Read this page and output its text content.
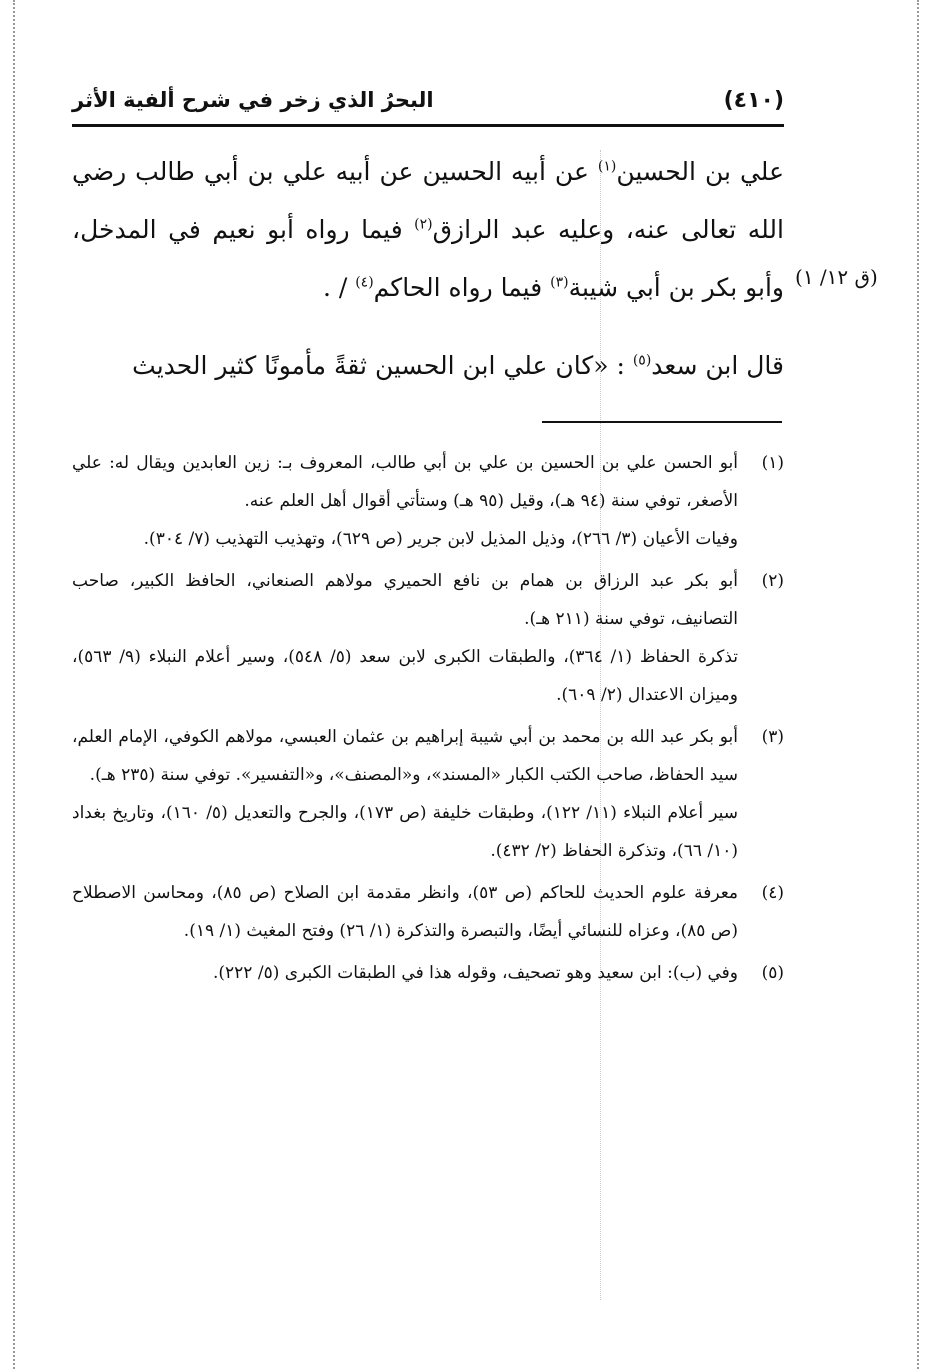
(٤١٠)
البحرُ الذي زخر في شرح ألفية الأثر

علي بن الحسين$^{(١)}$ عن أبيه الحسين عن أبيه علي بن أبي طالب رضي الله تعالى عنه، وعليه عبد الرازق$^{(٢)}$ فيما رواه أبو نعيم في المدخل، وأبو بكر بن أبي شيبة$^{(٣)}$ فيما رواه الحاكم$^{(٤)}$ / .

قال ابن سعد$^{(٥)}$ : «كان علي ابن الحسين ثقةً مأمونًا كثير الحديث

(ق ١٢/ ١)
(١)

أبو الحسن علي بن الحسين بن علي بن أبي طالب، المعروف بـ: زين العابدين ويقال له: علي الأصغر، توفي سنة (٩٤ هـ)، وقيل (٩٥ هـ) وستأتي أقوال أهل العلم عنه.

وفيات الأعيان (٣/ ٢٦٦)، وذيل المذيل لابن جرير (ص ٦٢٩)، وتهذيب التهذيب (٧/ ٣٠٤).

(٢)

أبو بكر عبد الرزاق بن همام بن نافع الحميري مولاهم الصنعاني، الحافظ الكبير، صاحب التصانيف، توفي سنة (٢١١ هـ).

تذكرة الحفاظ (١/ ٣٦٤)، والطبقات الكبرى لابن سعد (٥/ ٥٤٨)، وسير أعلام النبلاء (٩/ ٥٦٣)، وميزان الاعتدال (٢/ ٦٠٩).

(٣)

أبو بكر عبد الله بن محمد بن أبي شيبة إبراهيم بن عثمان العبسي، مولاهم الكوفي، الإمام العلم، سيد الحفاظ، صاحب الكتب الكبار «المسند»، و«المصنف»، و«التفسير». توفي سنة (٢٣٥ هـ).

سير أعلام النبلاء (١١/ ١٢٢)، وطبقات خليفة (ص ١٧٣)، والجرح والتعديل (٥/ ١٦٠)، وتاريخ بغداد (١٠/ ٦٦)، وتذكرة الحفاظ (٢/ ٤٣٢).

(٤)

معرفة علوم الحديث للحاكم (ص ٥٣)، وانظر مقدمة ابن الصلاح (ص ٨٥)، ومحاسن الاصطلاح (ص ٨٥)، وعزاه للنسائي أيضًا، والتبصرة والتذكرة (١/ ٢٦) وفتح المغيث (١/ ١٩).

(٥)

وفي (ب): ابن سعيد وهو تصحيف، وقوله هذا في الطبقات الكبرى (٥/ ٢٢٢).
